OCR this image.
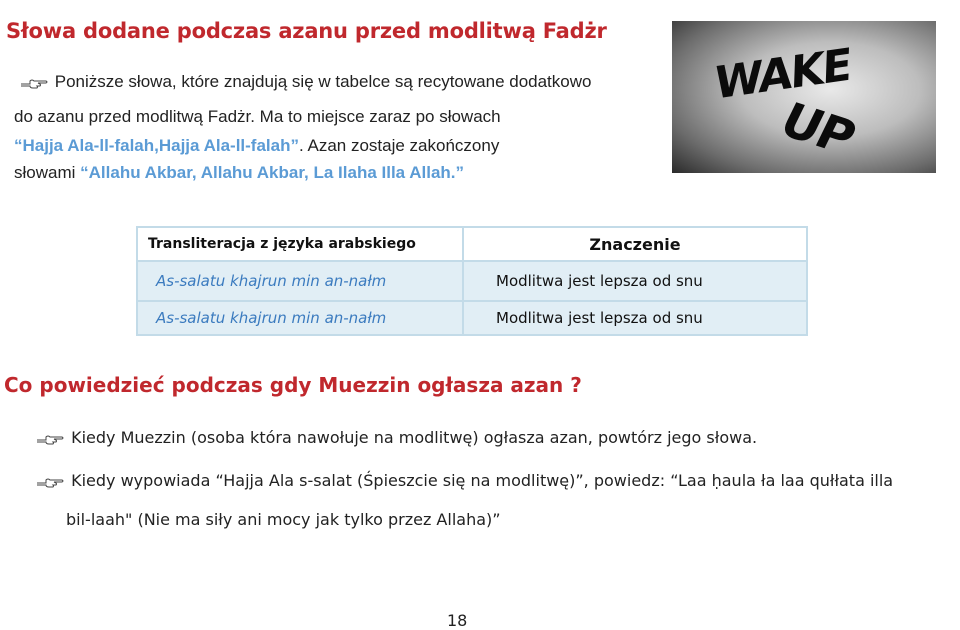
Słowa dodane podczas azanu przed modlitwą Fadżr
Poniższe słowa, które znajdują się w tabelce są recytowane dodatkowo
do azanu przed modlitwą Fadżr. Ma to miejsce zaraz po słowach
“Hajja Ala-ll-falah,Hajja Ala-ll-falah”. Azan zostaje zakończony
słowami “Allahu Akbar, Allahu Akbar, La Ilaha Illa Allah.”
WAKE
UP
Transliteracja z języka arabskiego	Znaczenie
As-salatu khajrun min an-nałm	Modlitwa jest lepsza od snu
As-salatu khajrun min an-nałm	Modlitwa jest lepsza od snu
Co powiedzieć podczas gdy Muezzin ogłasza azan ?
Kiedy Muezzin (osoba która nawołuje na modlitwę) ogłasza azan, powtórz jego słowa.
Kiedy wypowiada “Hajja Ala s-salat (Śpieszcie się na modlitwę)”, powiedz: “Laa ḥaula ła laa qułłata illa
bil-laah" (Nie ma siły ani mocy jak tylko przez Allaha)”
18
